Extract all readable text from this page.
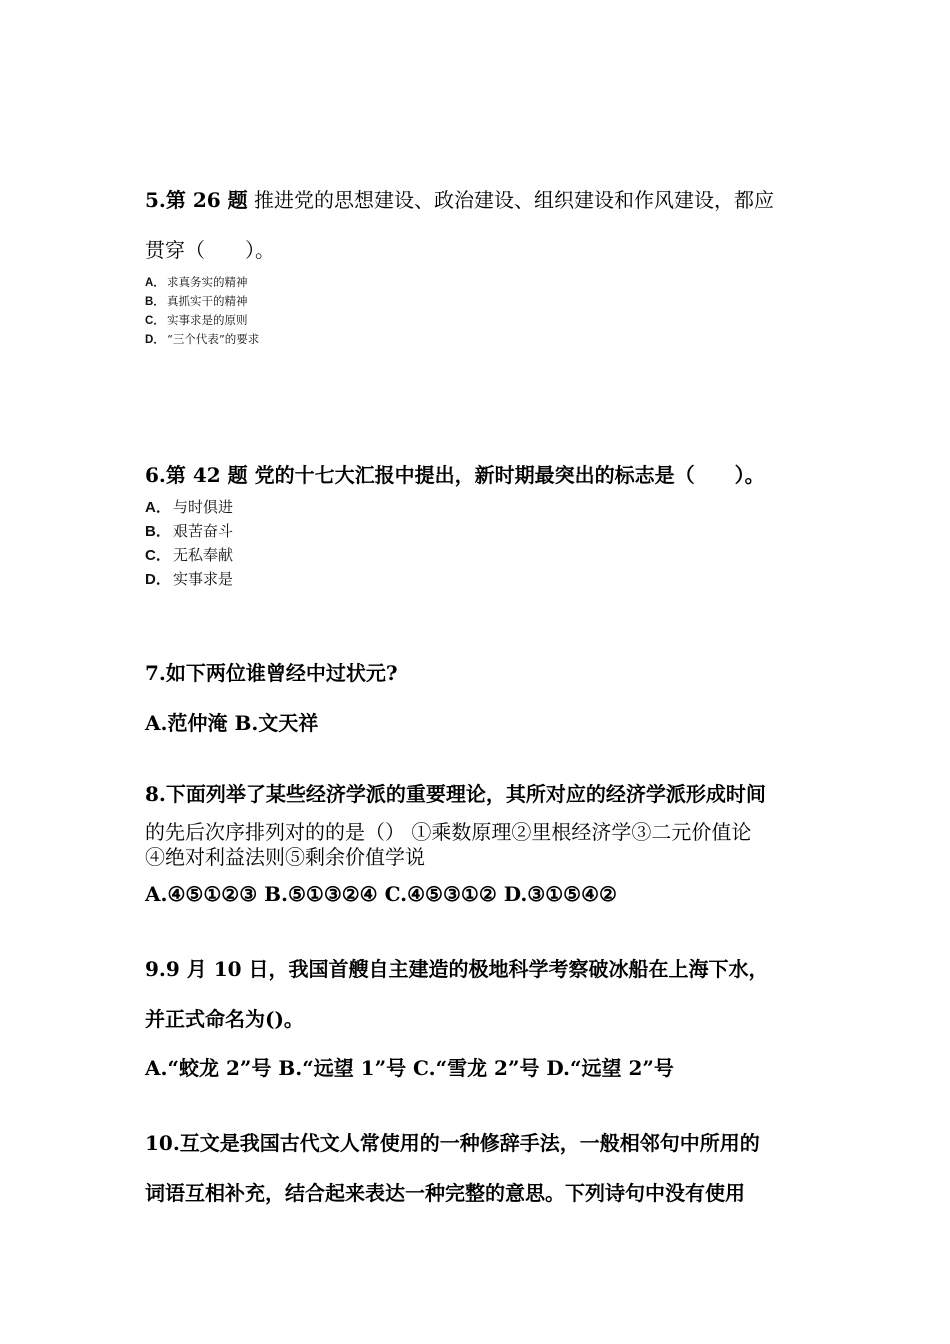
5.第 26 题 推进党的思想建设、政治建设、组织建设和作风建设，都应
贯穿（　　）。
A． 求真务实的精神
B． 真抓实干的精神
C． 实事求是的原则
D． “三个代表”的要求
6.第 42 题 党的十七大汇报中提出，新时期最突出的标志是（　　）。
A． 与时俱进
B． 艰苦奋斗
C． 无私奉献
D． 实事求是
7.如下两位谁曾经中过状元?
A.范仲淹 B.文天祥
8.下面列举了某些经济学派的重要理论，其所对应的经济学派形成时间
的先后次序排列对的的是（） ①乘数原理②里根经济学③二元价值论
④绝对利益法则⑤剩余价值学说
A.④⑤①②③ B.⑤①③②④ C.④⑤③①② D.③①⑤④②
9.9 月 10 日，我国首艘自主建造的极地科学考察破冰船在上海下水，
并正式命名为()。
A.“蛟龙 2”号 B.“远望 1”号 C.“雪龙 2”号 D.“远望 2”号
10.互文是我国古代文人常使用的一种修辞手法，一般相邻句中所用的
词语互相补充，结合起来表达一种完整的意思。下列诗句中没有使用
